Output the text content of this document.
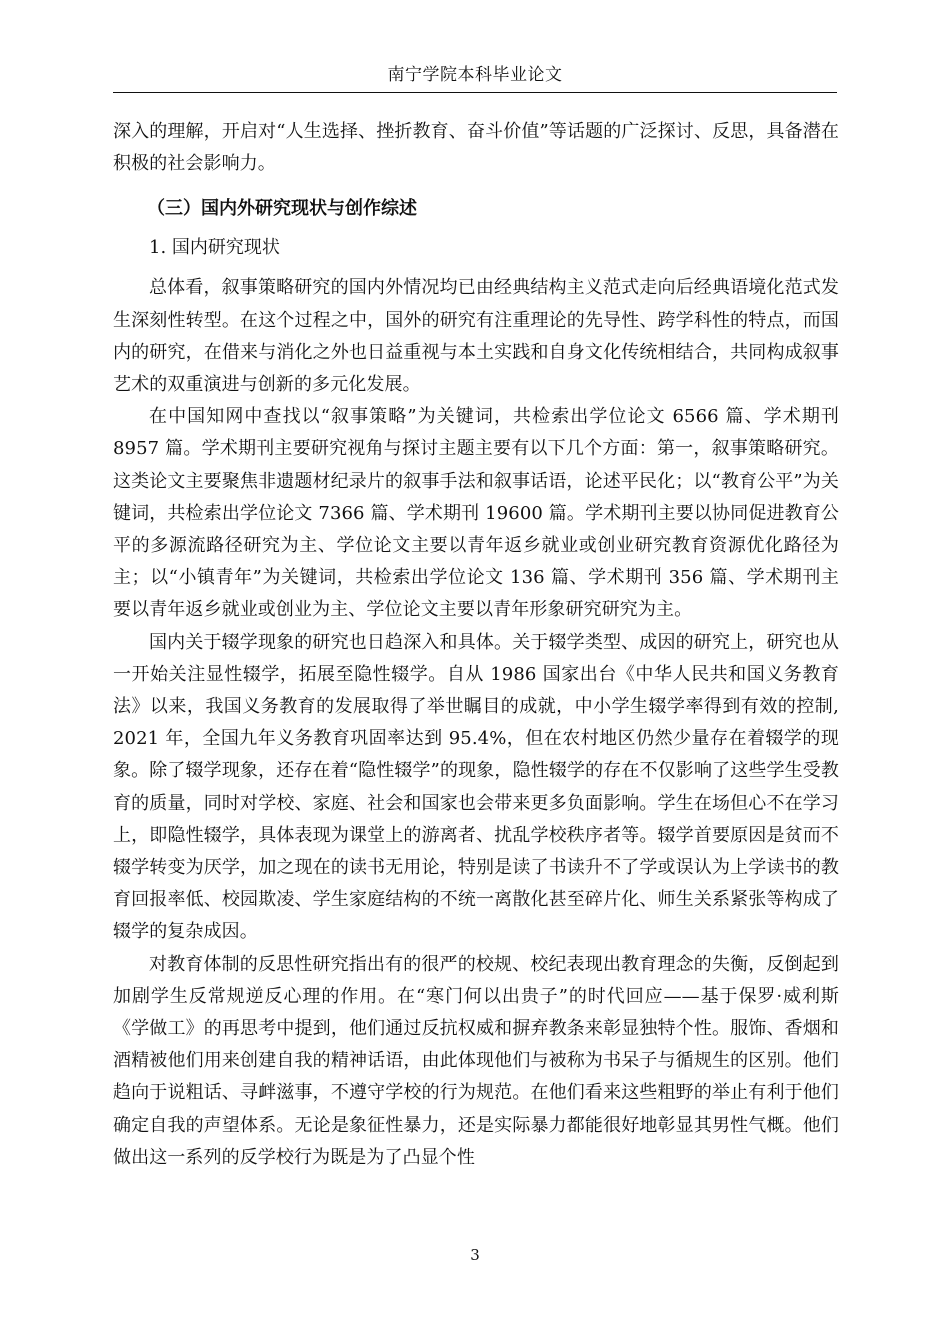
南宁学院本科毕业论文

深入的理解，开启对“人生选择、挫折教育、奋斗价值”等话题的广泛探讨、反思，具备潜在积极的社会影响力。

（三）国内外研究现状与创作综述
1. 国内研究现状

总体看，叙事策略研究的国内外情况均已由经典结构主义范式走向后经典语境化范式发生深刻性转型。在这个过程之中，国外的研究有注重理论的先导性、跨学科性的特点，而国内的研究，在借来与消化之外也日益重视与本土实践和自身文化传统相结合，共同构成叙事艺术的双重演进与创新的多元化发展。

在中国知网中查找以“叙事策略”为关键词，共检索出学位论文 6566 篇、学术期刊 8957 篇。学术期刊主要研究视角与探讨主题主要有以下几个方面：第一，叙事策略研究。这类论文主要聚焦非遗题材纪录片的叙事手法和叙事话语，论述平民化；以“教育公平”为关键词，共检索出学位论文 7366 篇、学术期刊 19600 篇。学术期刊主要以协同促进教育公平的多源流路径研究为主、学位论文主要以青年返乡就业或创业研究教育资源优化路径为主；以“小镇青年”为关键词，共检索出学位论文 136 篇、学术期刊 356 篇、学术期刊主要以青年返乡就业或创业为主、学位论文主要以青年形象研究研究为主。

国内关于辍学现象的研究也日趋深入和具体。关于辍学类型、成因的研究上，研究也从一开始关注显性辍学，拓展至隐性辍学。自从 1986 国家出台《中华人民共和国义务教育法》以来，我国义务教育的发展取得了举世瞩目的成就，中小学生辍学率得到有效的控制, 2021 年，全国九年义务教育巩固率达到 95.4%，但在农村地区仍然少量存在着辍学的现象。除了辍学现象，还存在着“隐性辍学”的现象，隐性辍学的存在不仅影响了这些学生受教育的质量，同时对学校、家庭、社会和国家也会带来更多负面影响。学生在场但心不在学习上，即隐性辍学，具体表现为课堂上的游离者、扰乱学校秩序者等。辍学首要原因是贫而不辍学转变为厌学，加之现在的读书无用论，特别是读了书读升不了学或误认为上学读书的教育回报率低、校园欺凌、学生家庭结构的不统一离散化甚至碎片化、师生关系紧张等构成了辍学的复杂成因。

对教育体制的反思性研究指出有的很严的校规、校纪表现出教育理念的失衡，反倒起到加剧学生反常规逆反心理的作用。在“寒门何以出贵子”的时代回应——基于保罗·威利斯《学做工》的再思考中提到，他们通过反抗权威和摒弃教条来彰显独特个性。服饰、香烟和酒精被他们用来创建自我的精神话语，由此体现他们与被称为书呆子与循规生的区别。他们趋向于说粗话、寻衅滋事，不遵守学校的行为规范。在他们看来这些粗野的举止有利于他们确定自我的声望体系。无论是象征性暴力，还是实际暴力都能很好地彰显其男性气概。他们做出这一系列的反学校行为既是为了凸显个性

3
